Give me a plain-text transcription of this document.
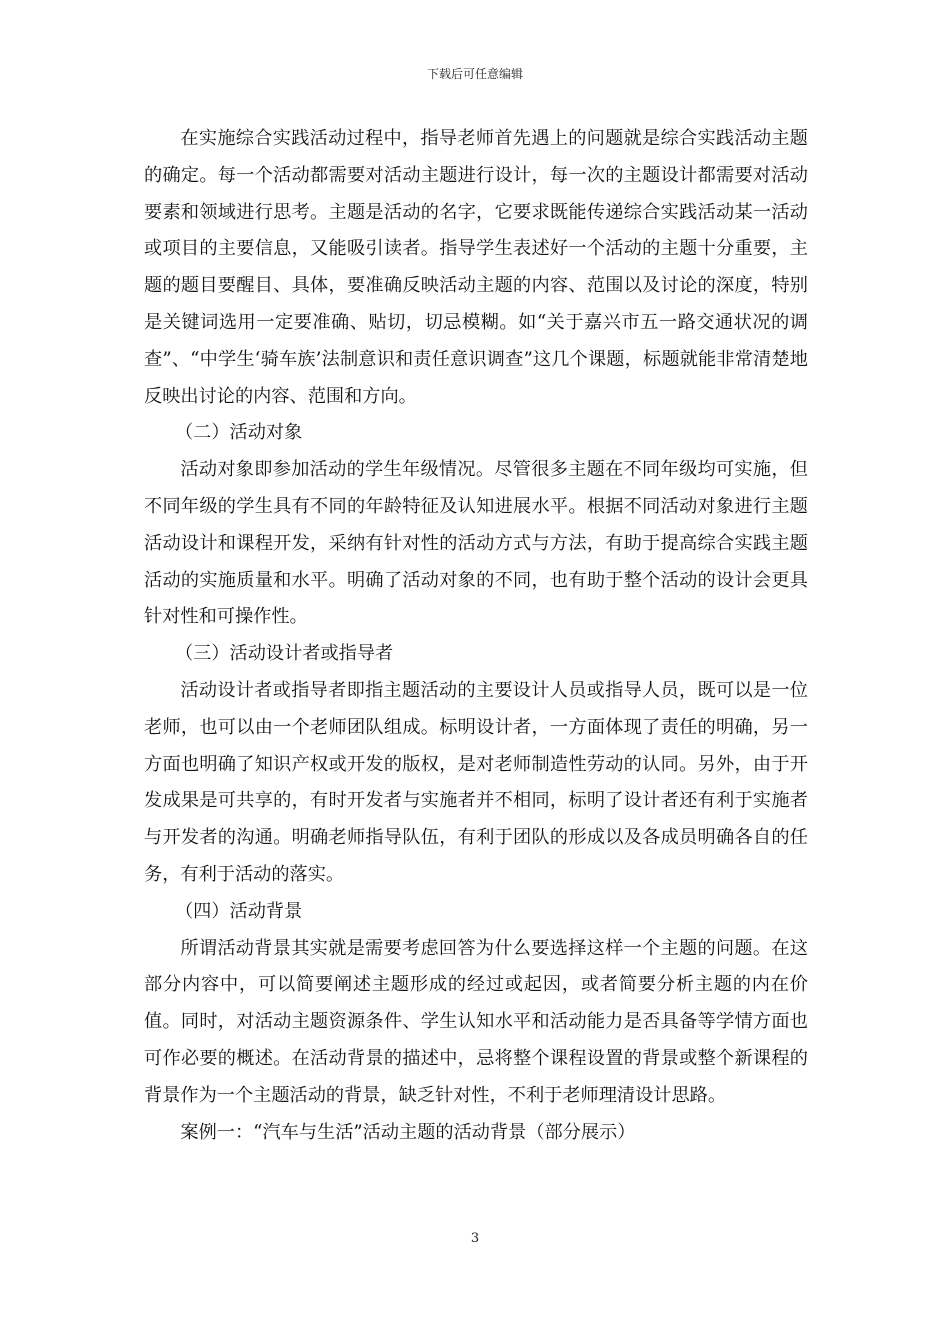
下载后可任意编辑

在实施综合实践活动过程中，指导老师首先遇上的问题就是综合实践活动主题的确定。每一个活动都需要对活动主题进行设计，每一次的主题设计都需要对活动要素和领域进行思考。主题是活动的名字，它要求既能传递综合实践活动某一活动或项目的主要信息，又能吸引读者。指导学生表述好一个活动的主题十分重要，主题的题目要醒目、具体，要准确反映活动主题的内容、范围以及讨论的深度，特别是关键词选用一定要准确、贴切，切忌模糊。如“关于嘉兴市五一路交通状况的调查”、“中学生‘骑车族’法制意识和责任意识调查”这几个课题，标题就能非常清楚地反映出讨论的内容、范围和方向。

（二）活动对象

活动对象即参加活动的学生年级情况。尽管很多主题在不同年级均可实施，但不同年级的学生具有不同的年龄特征及认知进展水平。根据不同活动对象进行主题活动设计和课程开发，采纳有针对性的活动方式与方法，有助于提高综合实践主题活动的实施质量和水平。明确了活动对象的不同，也有助于整个活动的设计会更具针对性和可操作性。

（三）活动设计者或指导者

活动设计者或指导者即指主题活动的主要设计人员或指导人员，既可以是一位老师，也可以由一个老师团队组成。标明设计者，一方面体现了责任的明确，另一方面也明确了知识产权或开发的版权，是对老师制造性劳动的认同。另外，由于开发成果是可共享的，有时开发者与实施者并不相同，标明了设计者还有利于实施者与开发者的沟通。明确老师指导队伍，有利于团队的形成以及各成员明确各自的任务，有利于活动的落实。

（四）活动背景

所谓活动背景其实就是需要考虑回答为什么要选择这样一个主题的问题。在这部分内容中，可以简要阐述主题形成的经过或起因，或者简要分析主题的内在价值。同时，对活动主题资源条件、学生认知水平和活动能力是否具备等学情方面也可作必要的概述。在活动背景的描述中，忌将整个课程设置的背景或整个新课程的背景作为一个主题活动的背景，缺乏针对性，不利于老师理清设计思路。

案例一：“汽车与生活”活动主题的活动背景（部分展示）

3
